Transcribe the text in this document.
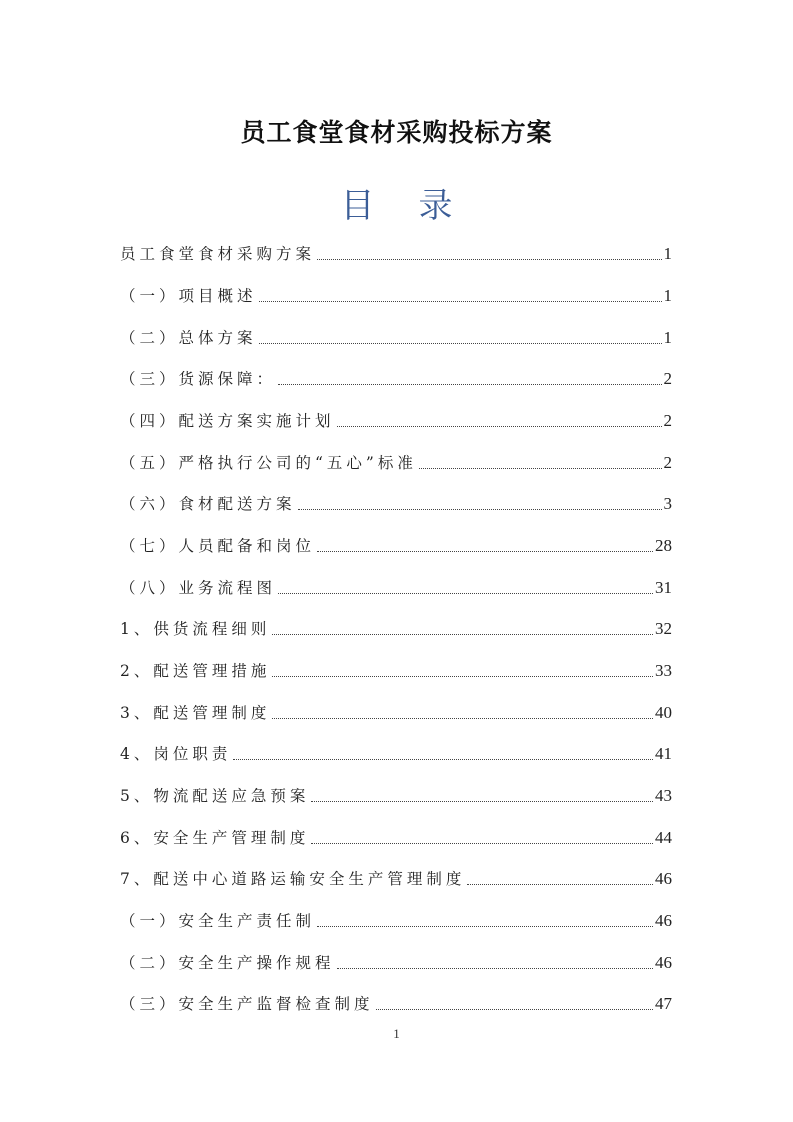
员工食堂食材采购投标方案
目 录
员工食堂食材采购方案	1
（一）项目概述	1
（二）总体方案	1
（三）货源保障：	2
（四）配送方案实施计划	2
（五）严格执行公司的“五心”标准	2
（六）食材配送方案	3
（七）人员配备和岗位	28
（八）业务流程图	31
1、供货流程细则	32
2、配送管理措施	33
3、配送管理制度	40
4、岗位职责	41
5、物流配送应急预案	43
6、安全生产管理制度	44
7、配送中心道路运输安全生产管理制度	46
（一）安全生产责任制	46
（二）安全生产操作规程	46
（三）安全生产监督检查制度	47
1
